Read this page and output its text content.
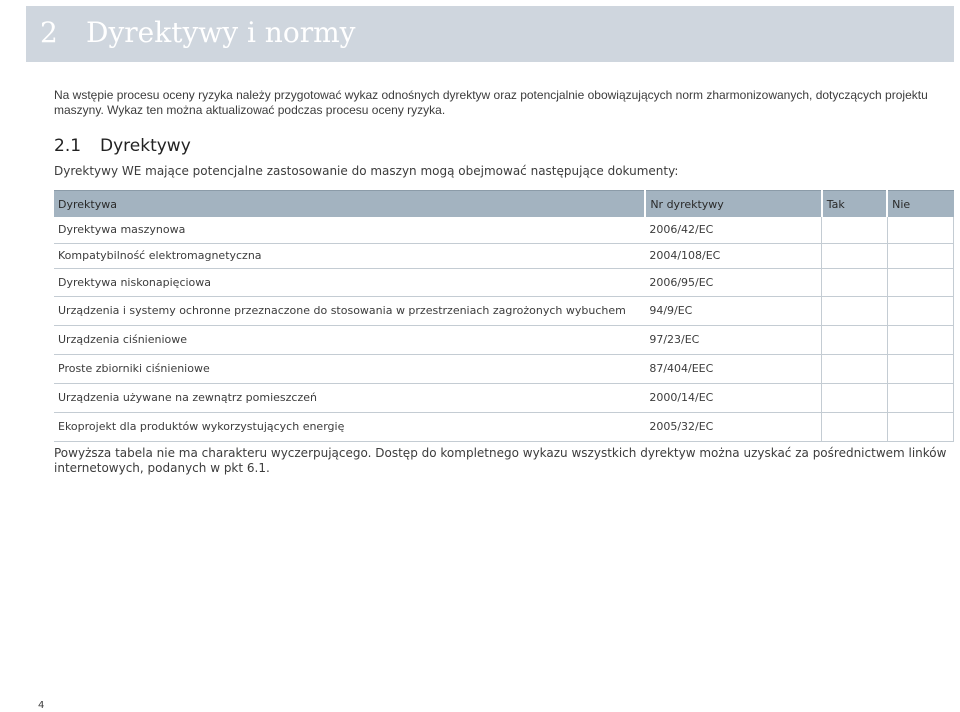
2 Dyrektywy i normy
Na wstępie procesu oceny ryzyka należy przygotować wykaz odnośnych dyrektyw oraz potencjalnie obowiązujących norm zharmonizowanych, dotyczących projektu maszyny. Wykaz ten można aktualizować podczas procesu oceny ryzyka.
2.1 Dyrektywy
Dyrektywy WE mające potencjalne zastosowanie do maszyn mogą obejmować następujące dokumenty:
Dyrektywa	Nr dyrektywy	Tak	Nie
Dyrektywa maszynowa	2006/42/EC		
Kompatybilność elektromagnetyczna	2004/108/EC		
Dyrektywa niskonapięciowa	2006/95/EC		
Urządzenia i systemy ochronne przeznaczone do stosowania w przestrzeniach zagrożonych wybuchem	94/9/EC		
Urządzenia ciśnieniowe	97/23/EC		
Proste zbiorniki ciśnieniowe	87/404/EEC		
Urządzenia używane na zewnątrz pomieszczeń	2000/14/EC		
Ekoprojekt dla produktów wykorzystujących energię	2005/32/EC		
Powyższa tabela nie ma charakteru wyczerpującego. Dostęp do kompletnego wykazu wszystkich dyrektyw można uzyskać za pośrednictwem linków internetowych, podanych w pkt 6.1.
4
